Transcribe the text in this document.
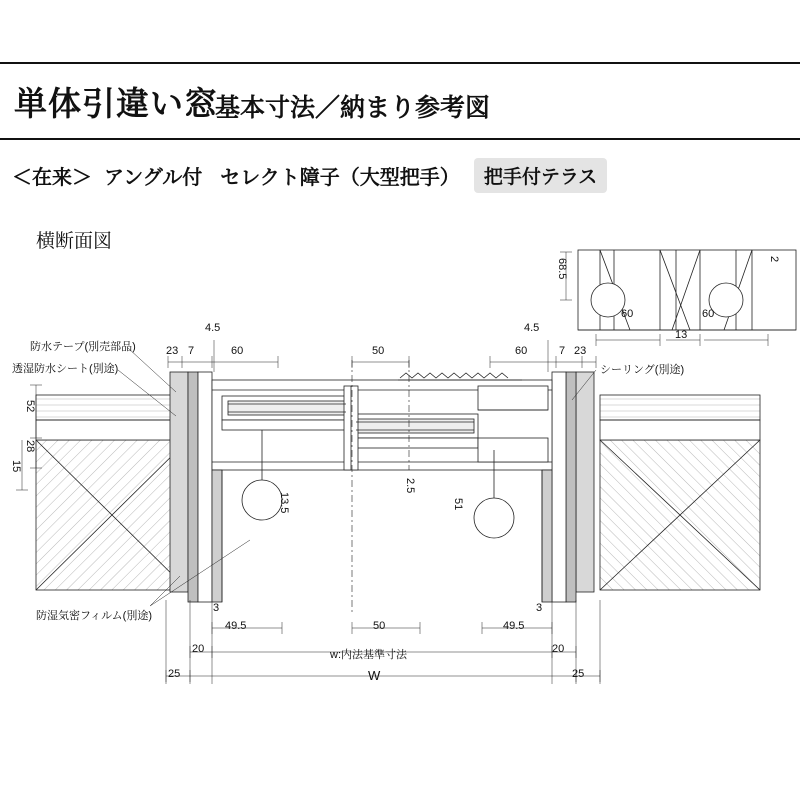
単体引違い窓
基本寸法／納まり参考図
＜在来＞ アングル付 セレクト障子（大型把手）	把手付テラス
横断面図
防水テープ(別売部品)
透湿防水シート(別途)	シーリング(別途)
防湿気密フィルム(別途)
68.5	2
60
13
60
4.5
23 7	60	50	60	7 23
4.5
52
28
15
13.5
2.5
51
3
49.5	50
3
49.5
20	20
w:内法基準寸法
25	25
W
